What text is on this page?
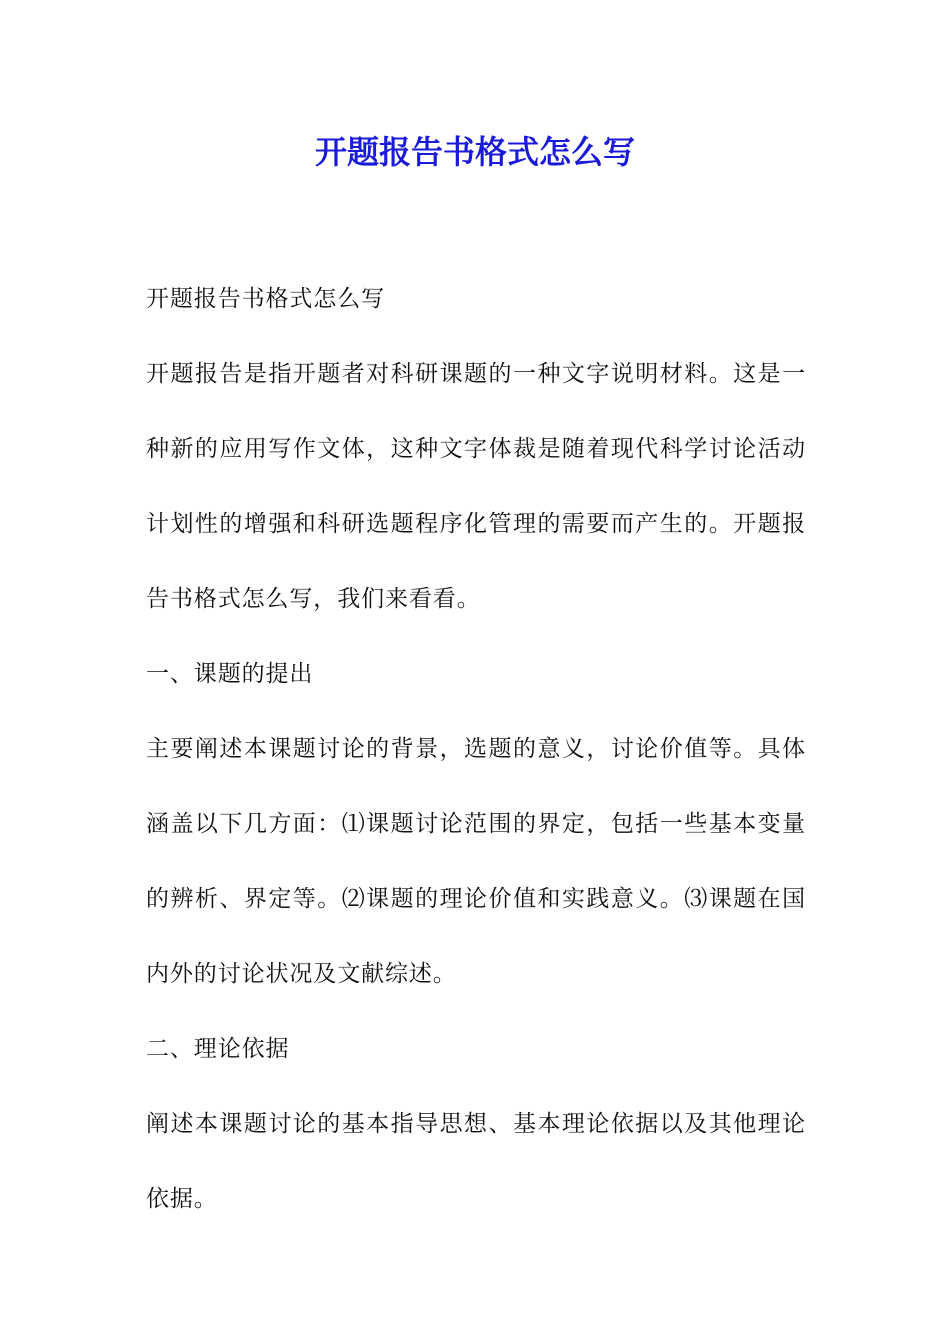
开题报告书格式怎么写

开题报告书格式怎么写

开题报告是指开题者对科研课题的一种文字说明材料。这是一种新的应用写作文体，这种文字体裁是随着现代科学讨论活动计划性的增强和科研选题程序化管理的需要而产生的。开题报告书格式怎么写，我们来看看。

一、课题的提出

主要阐述本课题讨论的背景，选题的意义，讨论价值等。具体涵盖以下几方面：⑴课题讨论范围的界定，包括一些基本变量的辨析、界定等。⑵课题的理论价值和实践意义。⑶课题在国内外的讨论状况及文献综述。

二、理论依据

阐述本课题讨论的基本指导思想、基本理论依据以及其他理论依据。
